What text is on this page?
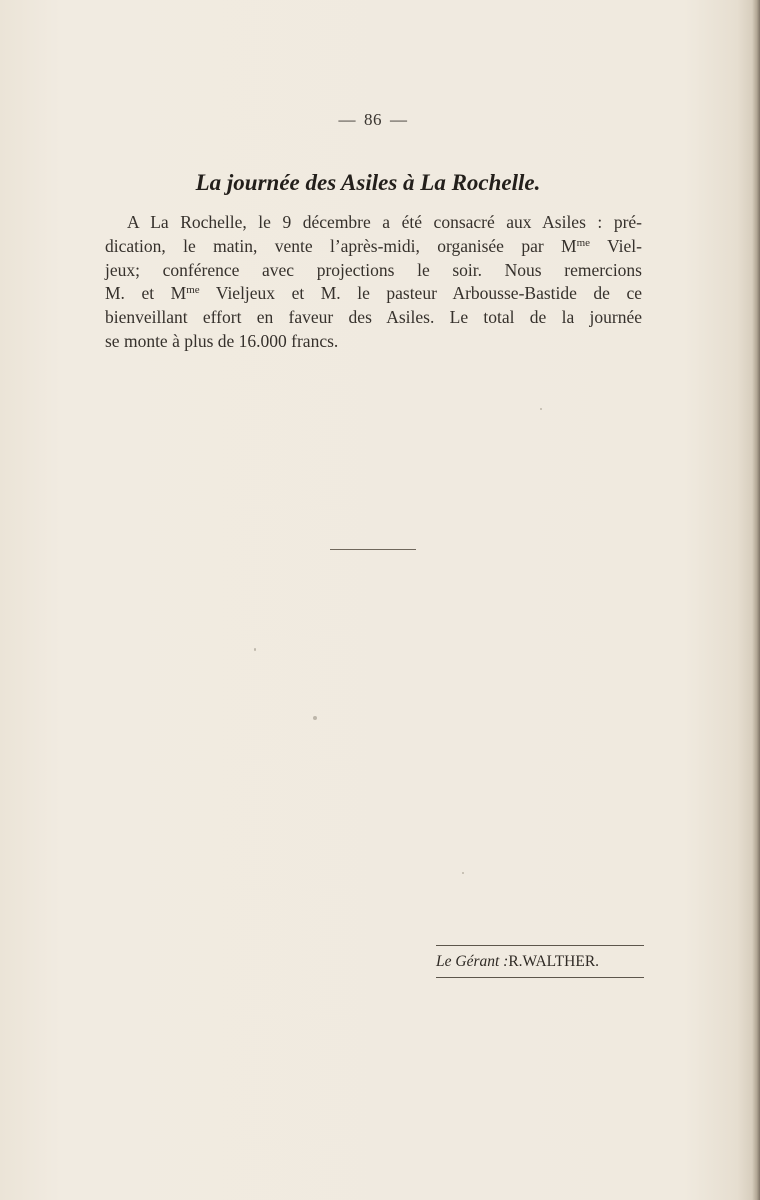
— 86 —
La journée des Asiles à La Rochelle.
A La Rochelle, le 9 décembre a été consacré aux Asiles : pré-
dication, le matin, vente l’après-midi, organisée par $M^{me}$ Viel-
jeux; conférence avec projections le soir. Nous remercions
M. et $M^{me}$ Vieljeux et M. le pasteur Arbousse-Bastide de ce
bienveillant effort en faveur des Asiles. Le total de la journée
se monte à plus de 16.000 francs.
Le Gérant :R.WALTHER.
